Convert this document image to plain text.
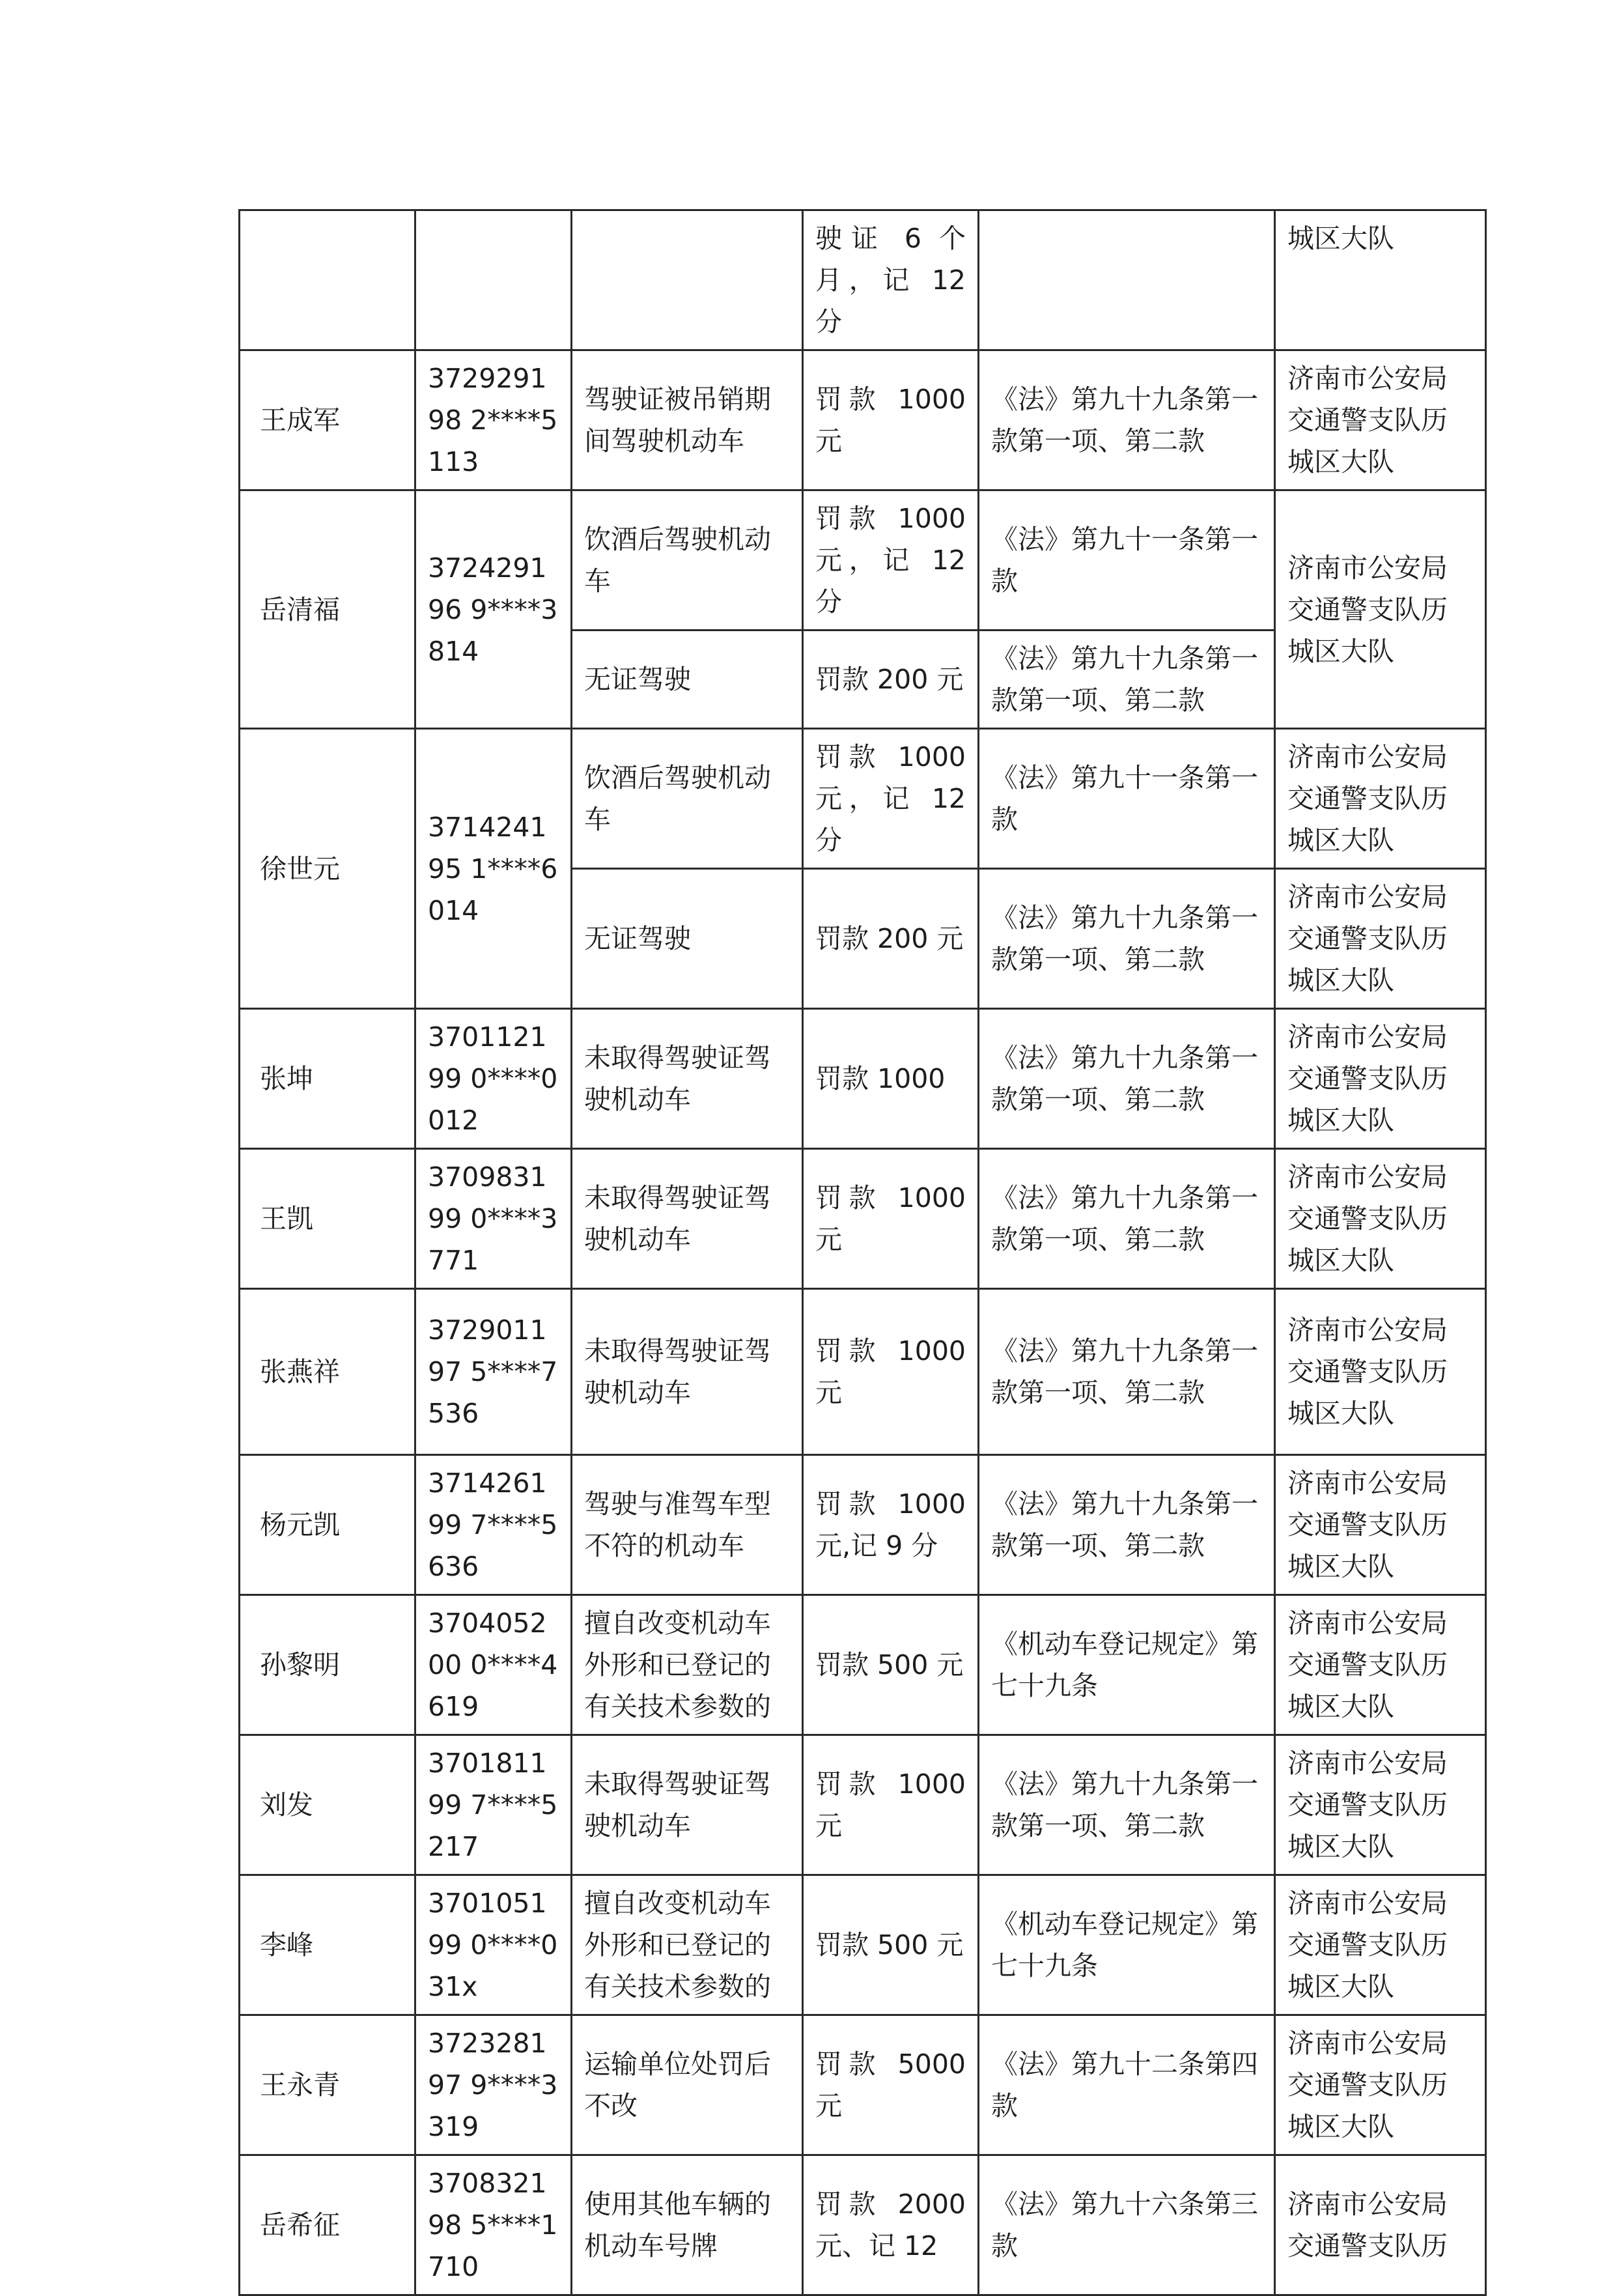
			驶证 6 个月，记 12 分		城区大队

王成军	372929198 2****5113	驾驶证被吊销期间驾驶机动车	罚款 1000 元	《法》第九十九条第一款第一项、第二款	济南市公安局交通警支队历城区大队

岳清福	372429196 9****3814	饮酒后驾驶机动车	罚款 1000 元，记 12 分	《法》第九十一条第一款	济南市公安局交通警支队历城区大队

		无证驾驶	罚款 200 元	《法》第九十九条第一款第一项、第二款	

徐世元	371424195 1****6014	饮酒后驾驶机动车	罚款 1000 元，记 12 分	《法》第九十一条第一款	济南市公安局交通警支队历城区大队

		无证驾驶	罚款 200 元	《法》第九十九条第一款第一项、第二款	济南市公安局交通警支队历城区大队

张坤	370112199 0****0012	未取得驾驶证驾驶机动车	罚款 1000	《法》第九十九条第一款第一项、第二款	济南市公安局交通警支队历城区大队

王凯	370983199 0****3771	未取得驾驶证驾驶机动车	罚款 1000 元	《法》第九十九条第一款第一项、第二款	济南市公安局交通警支队历城区大队

张燕祥	372901197 5****7536	未取得驾驶证驾驶机动车	罚款 1000 元	《法》第九十九条第一款第一项、第二款	济南市公安局交通警支队历城区大队

杨元凯	371426199 7****5636	驾驶与准驾车型不符的机动车	罚款 1000 元,记 9 分	《法》第九十九条第一款第一项、第二款	济南市公安局交通警支队历城区大队

孙黎明	370405200 0****4619	擅自改变机动车外形和已登记的有关技术参数的	罚款 500 元	《机动车登记规定》第七十九条	济南市公安局交通警支队历城区大队

刘发	370181199 7****5217	未取得驾驶证驾驶机动车	罚款 1000 元	《法》第九十九条第一款第一项、第二款	济南市公安局交通警支队历城区大队

李峰	370105199 0****031x	擅自改变机动车外形和已登记的有关技术参数的	罚款 500 元	《机动车登记规定》第七十九条	济南市公安局交通警支队历城区大队

王永青	372328197 9****3319	运输单位处罚后不改	罚款 5000 元	《法》第九十二条第四款	济南市公安局交通警支队历城区大队

岳希征	370832198 5****1710	使用其他车辆的机动车号牌	罚款 2000 元、记 12	《法》第九十六条第三款	济南市公安局交通警支队历
